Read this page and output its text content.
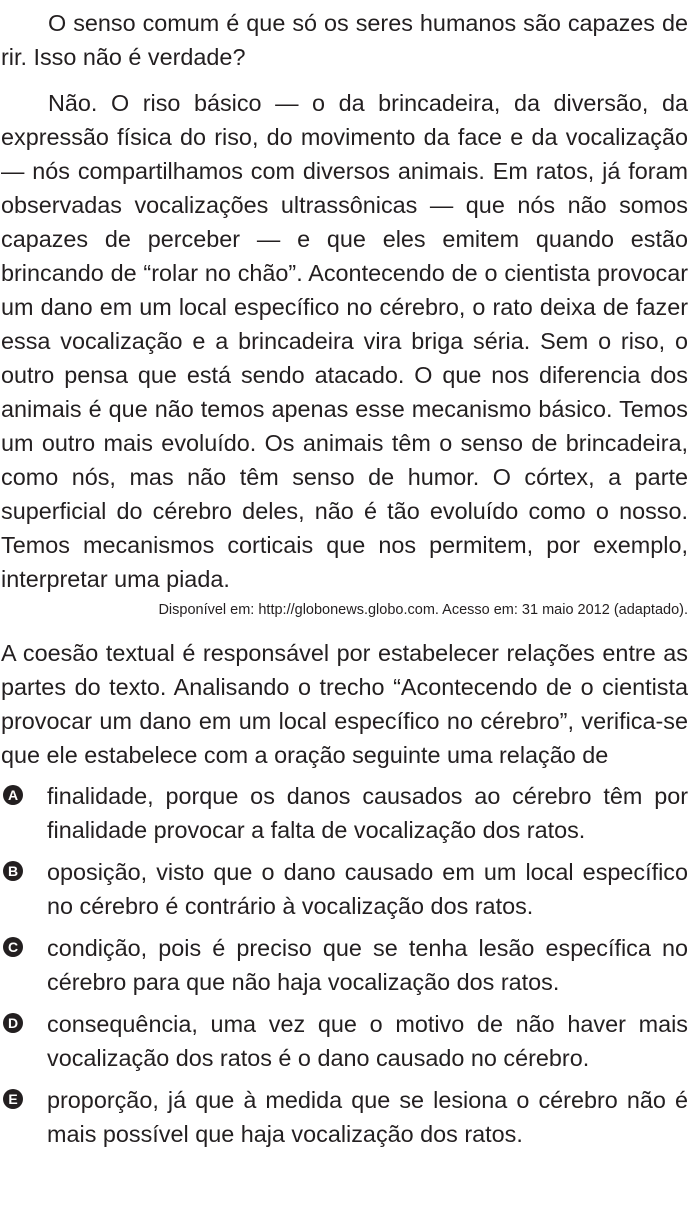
O senso comum é que só os seres humanos são capazes de rir. Isso não é verdade?

Não. O riso básico — o da brincadeira, da diversão, da expressão física do riso, do movimento da face e da vocalização — nós compartilhamos com diversos animais. Em ratos, já foram observadas vocalizações ultrassônicas — que nós não somos capazes de perceber — e que eles emitem quando estão brincando de “rolar no chão”. Acontecendo de o cientista provocar um dano em um local específico no cérebro, o rato deixa de fazer essa vocalização e a brincadeira vira briga séria. Sem o riso, o outro pensa que está sendo atacado. O que nos diferencia dos animais é que não temos apenas esse mecanismo básico. Temos um outro mais evoluído. Os animais têm o senso de brincadeira, como nós, mas não têm senso de humor. O córtex, a parte superficial do cérebro deles, não é tão evoluído como o nosso. Temos mecanismos corticais que nos permitem, por exemplo, interpretar uma piada.

Disponível em: http://globonews.globo.com. Acesso em: 31 maio 2012 (adaptado).

A coesão textual é responsável por estabelecer relações entre as partes do texto. Analisando o trecho “Acontecendo de o cientista provocar um dano em um local específico no cérebro”, verifica-se que ele estabelece com a oração seguinte uma relação de

A finalidade, porque os danos causados ao cérebro têm por finalidade provocar a falta de vocalização dos ratos.
B oposição, visto que o dano causado em um local específico no cérebro é contrário à vocalização dos ratos.
C condição, pois é preciso que se tenha lesão específica no cérebro para que não haja vocalização dos ratos.
D consequência, uma vez que o motivo de não haver mais vocalização dos ratos é o dano causado no cérebro.
E proporção, já que à medida que se lesiona o cérebro não é mais possível que haja vocalização dos ratos.
